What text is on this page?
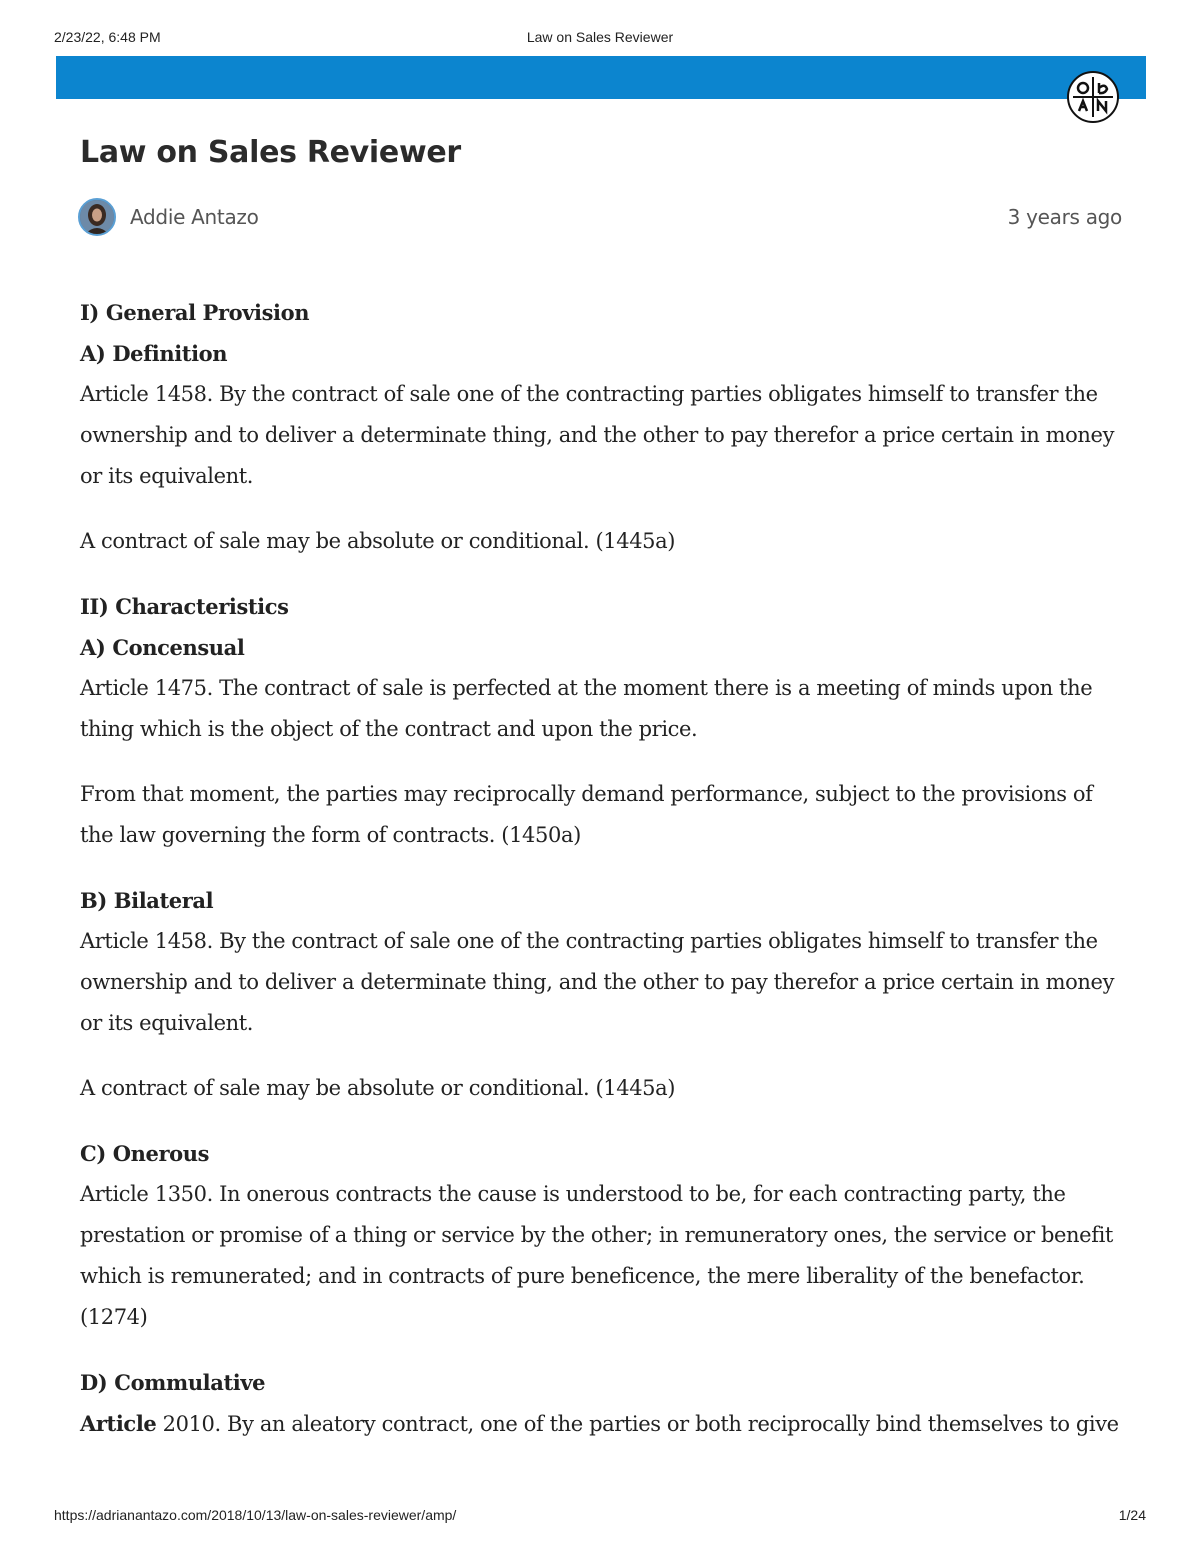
2/23/22, 6:48 PM	Law on Sales Reviewer
Law on Sales Reviewer
Addie Antazo	3 years ago
I) General Provision
A) Definition

Article 1458. By the contract of sale one of the contracting parties obligates himself to transfer the ownership and to deliver a determinate thing, and the other to pay therefor a price certain in money or its equivalent.

A contract of sale may be absolute or conditional. (1445a)

II) Characteristics
A) Concensual

Article 1475. The contract of sale is perfected at the moment there is a meeting of minds upon the thing which is the object of the contract and upon the price.

From that moment, the parties may reciprocally demand performance, subject to the provisions of the law governing the form of contracts. (1450a)

B) Bilateral

Article 1458. By the contract of sale one of the contracting parties obligates himself to transfer the ownership and to deliver a determinate thing, and the other to pay therefor a price certain in money or its equivalent.

A contract of sale may be absolute or conditional. (1445a)

C) Onerous

Article 1350. In onerous contracts the cause is understood to be, for each contracting party, the prestation or promise of a thing or service by the other; in remuneratory ones, the service or benefit which is remunerated; and in contracts of pure beneficence, the mere liberality of the benefactor. (1274)

D) Commulative

Article 2010. By an aleatory contract, one of the parties or both reciprocally bind themselves to give

https://adrianantazo.com/2018/10/13/law-on-sales-reviewer/amp/	1/24
